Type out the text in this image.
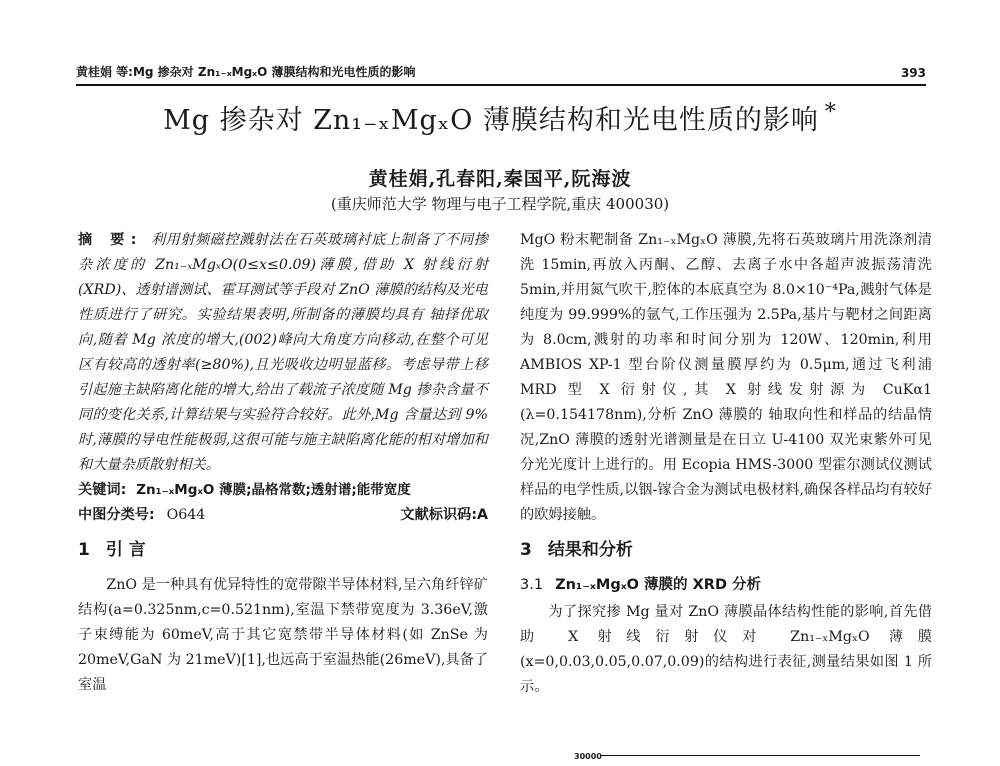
黄桂娟 等:Mg 掺杂对 Zn₁₋ₓMgₓO 薄膜结构和光电性质的影响	393
Mg 掺杂对 Zn₁₋ₓMgₓO 薄膜结构和光电性质的影响 *
黄桂娟,孔春阳,秦国平,阮海波
(重庆师范大学 物理与电子工程学院,重庆 400030)
摘 要: 利用射频磁控溅射法在石英玻璃衬底上制备了不同掺杂浓度的 Zn₁₋ₓMgₓO(0≤x≤0.09)薄膜,借助 X 射线衍射(XRD)、透射谱测试、霍耳测试等手段对 ZnO 薄膜的结构及光电性质进行了研究。实验结果表明,所制备的薄膜均具有 轴择优取向,随着 Mg 浓度的增大,(002)峰向大角度方向移动,在整个可见区有较高的透射率(≥80%),且光吸收边明显蓝移。考虑导带上移引起施主缺陷离化能的增大,给出了载流子浓度随 Mg 掺杂含量不同的变化关系,计算结果与实验符合较好。此外,Mg 含量达到 9%时,薄膜的导电性能极弱,这很可能与施主缺陷离化能的相对增加和和大量杂质散射相关。
关键词: Zn₁₋ₓMgₓO 薄膜;晶格常数;透射谱;能带宽度
中图分类号: O644	文献标识码:A
1 引 言
ZnO 是一种具有优异特性的宽带隙半导体材料,呈六角纤锌矿结构(a=0.325nm,c=0.521nm),室温下禁带宽度为 3.36eV,激子束缚能为 60meV,高于其它宽禁带半导体材料(如 ZnSe 为 20meV,GaN 为 21meV)[1],也远高于室温热能(26meV),具备了室温
MgO 粉末靶制备 Zn₁₋ₓMgₓO 薄膜,先将石英玻璃片用洗涤剂清洗 15min,再放入丙酮、乙醇、去离子水中各超声波振荡清洗 5min,并用氮气吹干,腔体的本底真空为 8.0×10⁻⁴Pa,溅射气体是纯度为 99.999%的氩气,工作压强为 2.5Pa,基片与靶材之间距离为 8.0cm,溅射的功率和时间分别为 120W、120min,利用 AMBIOS XP-1 型台阶仪测量膜厚约为 0.5μm,通过飞利浦 MRD 型 X 衍射仪,其 X 射线发射源为 CuKα1 (λ=0.154178nm),分析 ZnO 薄膜的 轴取向性和样品的结晶情况,ZnO 薄膜的透射光谱测量是在日立 U-4100 双光束紫外可见分光光度计上进行的。用 Ecopia HMS-3000 型霍尔测试仪测试样品的电学性质,以铟-镓合金为测试电极材料,确保各样品均有较好的欧姆接触。
3 结果和分析
3.1 Zn₁₋ₓMgₓO 薄膜的 XRD 分析
为了探究掺 Mg 量对 ZnO 薄膜晶体结构性能的影响,首先借助 X 射线衍射仪对 Zn₁₋ₓMgₓO 薄膜(x=0,0.03,0.05,0.07,0.09)的结构进行表征,测量结果如图 1 所示。
30000
